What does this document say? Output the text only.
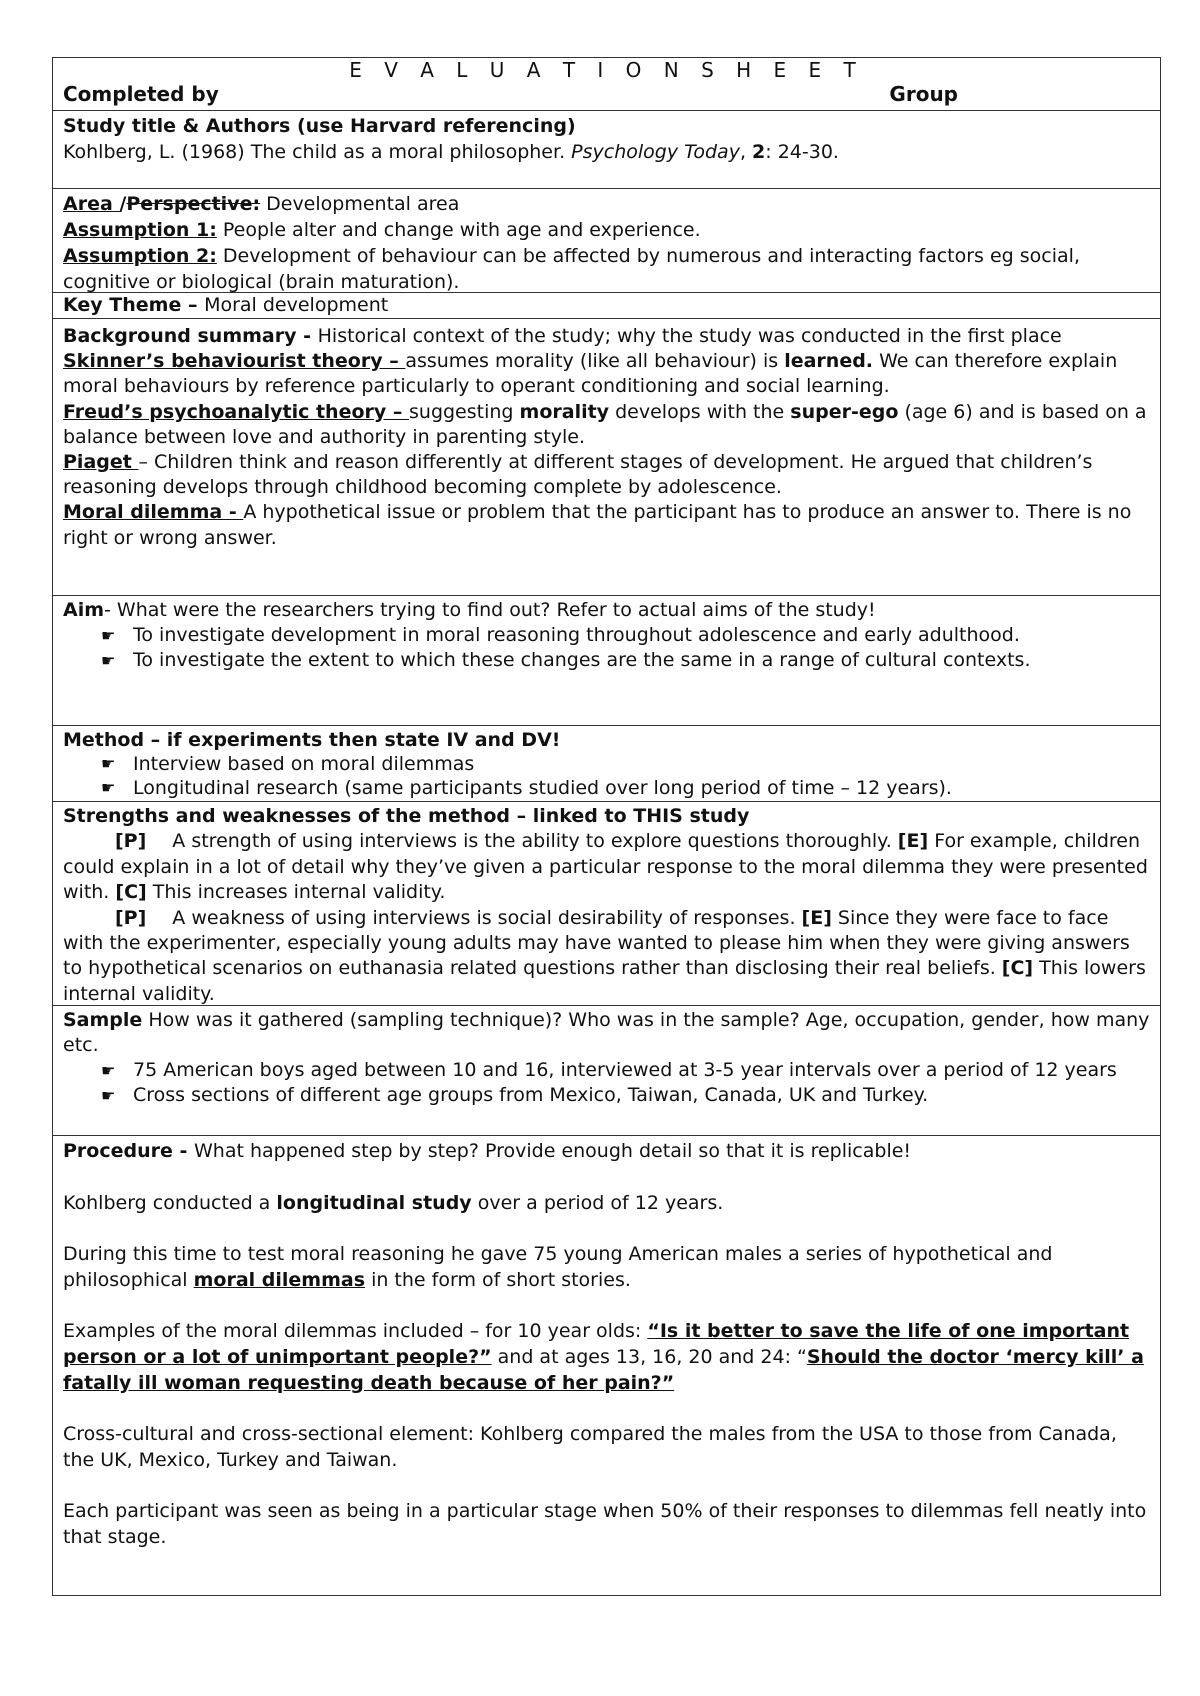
E V A L U A T I O N S H E E T
Completed by	Group
Study title & Authors (use Harvard referencing)
Kohlberg, L. (1968) The child as a moral philosopher. Psychology Today, 2: 24-30.
Area /Perspective: Developmental area
Assumption 1: People alter and change with age and experience.
Assumption 2: Development of behaviour can be affected by numerous and interacting factors eg social, cognitive or biological (brain maturation).
Key Theme – Moral development
Background summary - Historical context of the study; why the study was conducted in the first place
Skinner’s behaviourist theory – assumes morality (like all behaviour) is learned. We can therefore explain moral behaviours by reference particularly to operant conditioning and social learning.
Freud’s psychoanalytic theory – suggesting morality develops with the super-ego (age 6) and is based on a balance between love and authority in parenting style.
Piaget – Children think and reason differently at different stages of development. He argued that children’s reasoning develops through childhood becoming complete by adolescence.
Moral dilemma - A hypothetical issue or problem that the participant has to produce an answer to. There is no right or wrong answer.
Aim- What were the researchers trying to find out? Refer to actual aims of the study!
☛ To investigate development in moral reasoning throughout adolescence and early adulthood.
☛ To investigate the extent to which these changes are the same in a range of cultural contexts.
Method – if experiments then state IV and DV!
☛ Interview based on moral dilemmas
☛ Longitudinal research (same participants studied over long period of time – 12 years).
Strengths and weaknesses of the method – linked to THIS study
[P] A strength of using interviews is the ability to explore questions thoroughly. [E] For example, children could explain in a lot of detail why they’ve given a particular response to the moral dilemma they were presented with. [C] This increases internal validity.
[P] A weakness of using interviews is social desirability of responses. [E] Since they were face to face with the experimenter, especially young adults may have wanted to please him when they were giving answers to hypothetical scenarios on euthanasia related questions rather than disclosing their real beliefs. [C] This lowers internal validity.
Sample How was it gathered (sampling technique)? Who was in the sample? Age, occupation, gender, how many etc.
☛ 75 American boys aged between 10 and 16, interviewed at 3-5 year intervals over a period of 12 years
☛ Cross sections of different age groups from Mexico, Taiwan, Canada, UK and Turkey.
Procedure - What happened step by step? Provide enough detail so that it is replicable!
Kohlberg conducted a longitudinal study over a period of 12 years.
During this time to test moral reasoning he gave 75 young American males a series of hypothetical and philosophical moral dilemmas in the form of short stories.
Examples of the moral dilemmas included – for 10 year olds: “Is it better to save the life of one important person or a lot of unimportant people?” and at ages 13, 16, 20 and 24: “Should the doctor ‘mercy kill’ a fatally ill woman requesting death because of her pain?”
Cross-cultural and cross-sectional element: Kohlberg compared the males from the USA to those from Canada, the UK, Mexico, Turkey and Taiwan.
Each participant was seen as being in a particular stage when 50% of their responses to dilemmas fell neatly into that stage.
